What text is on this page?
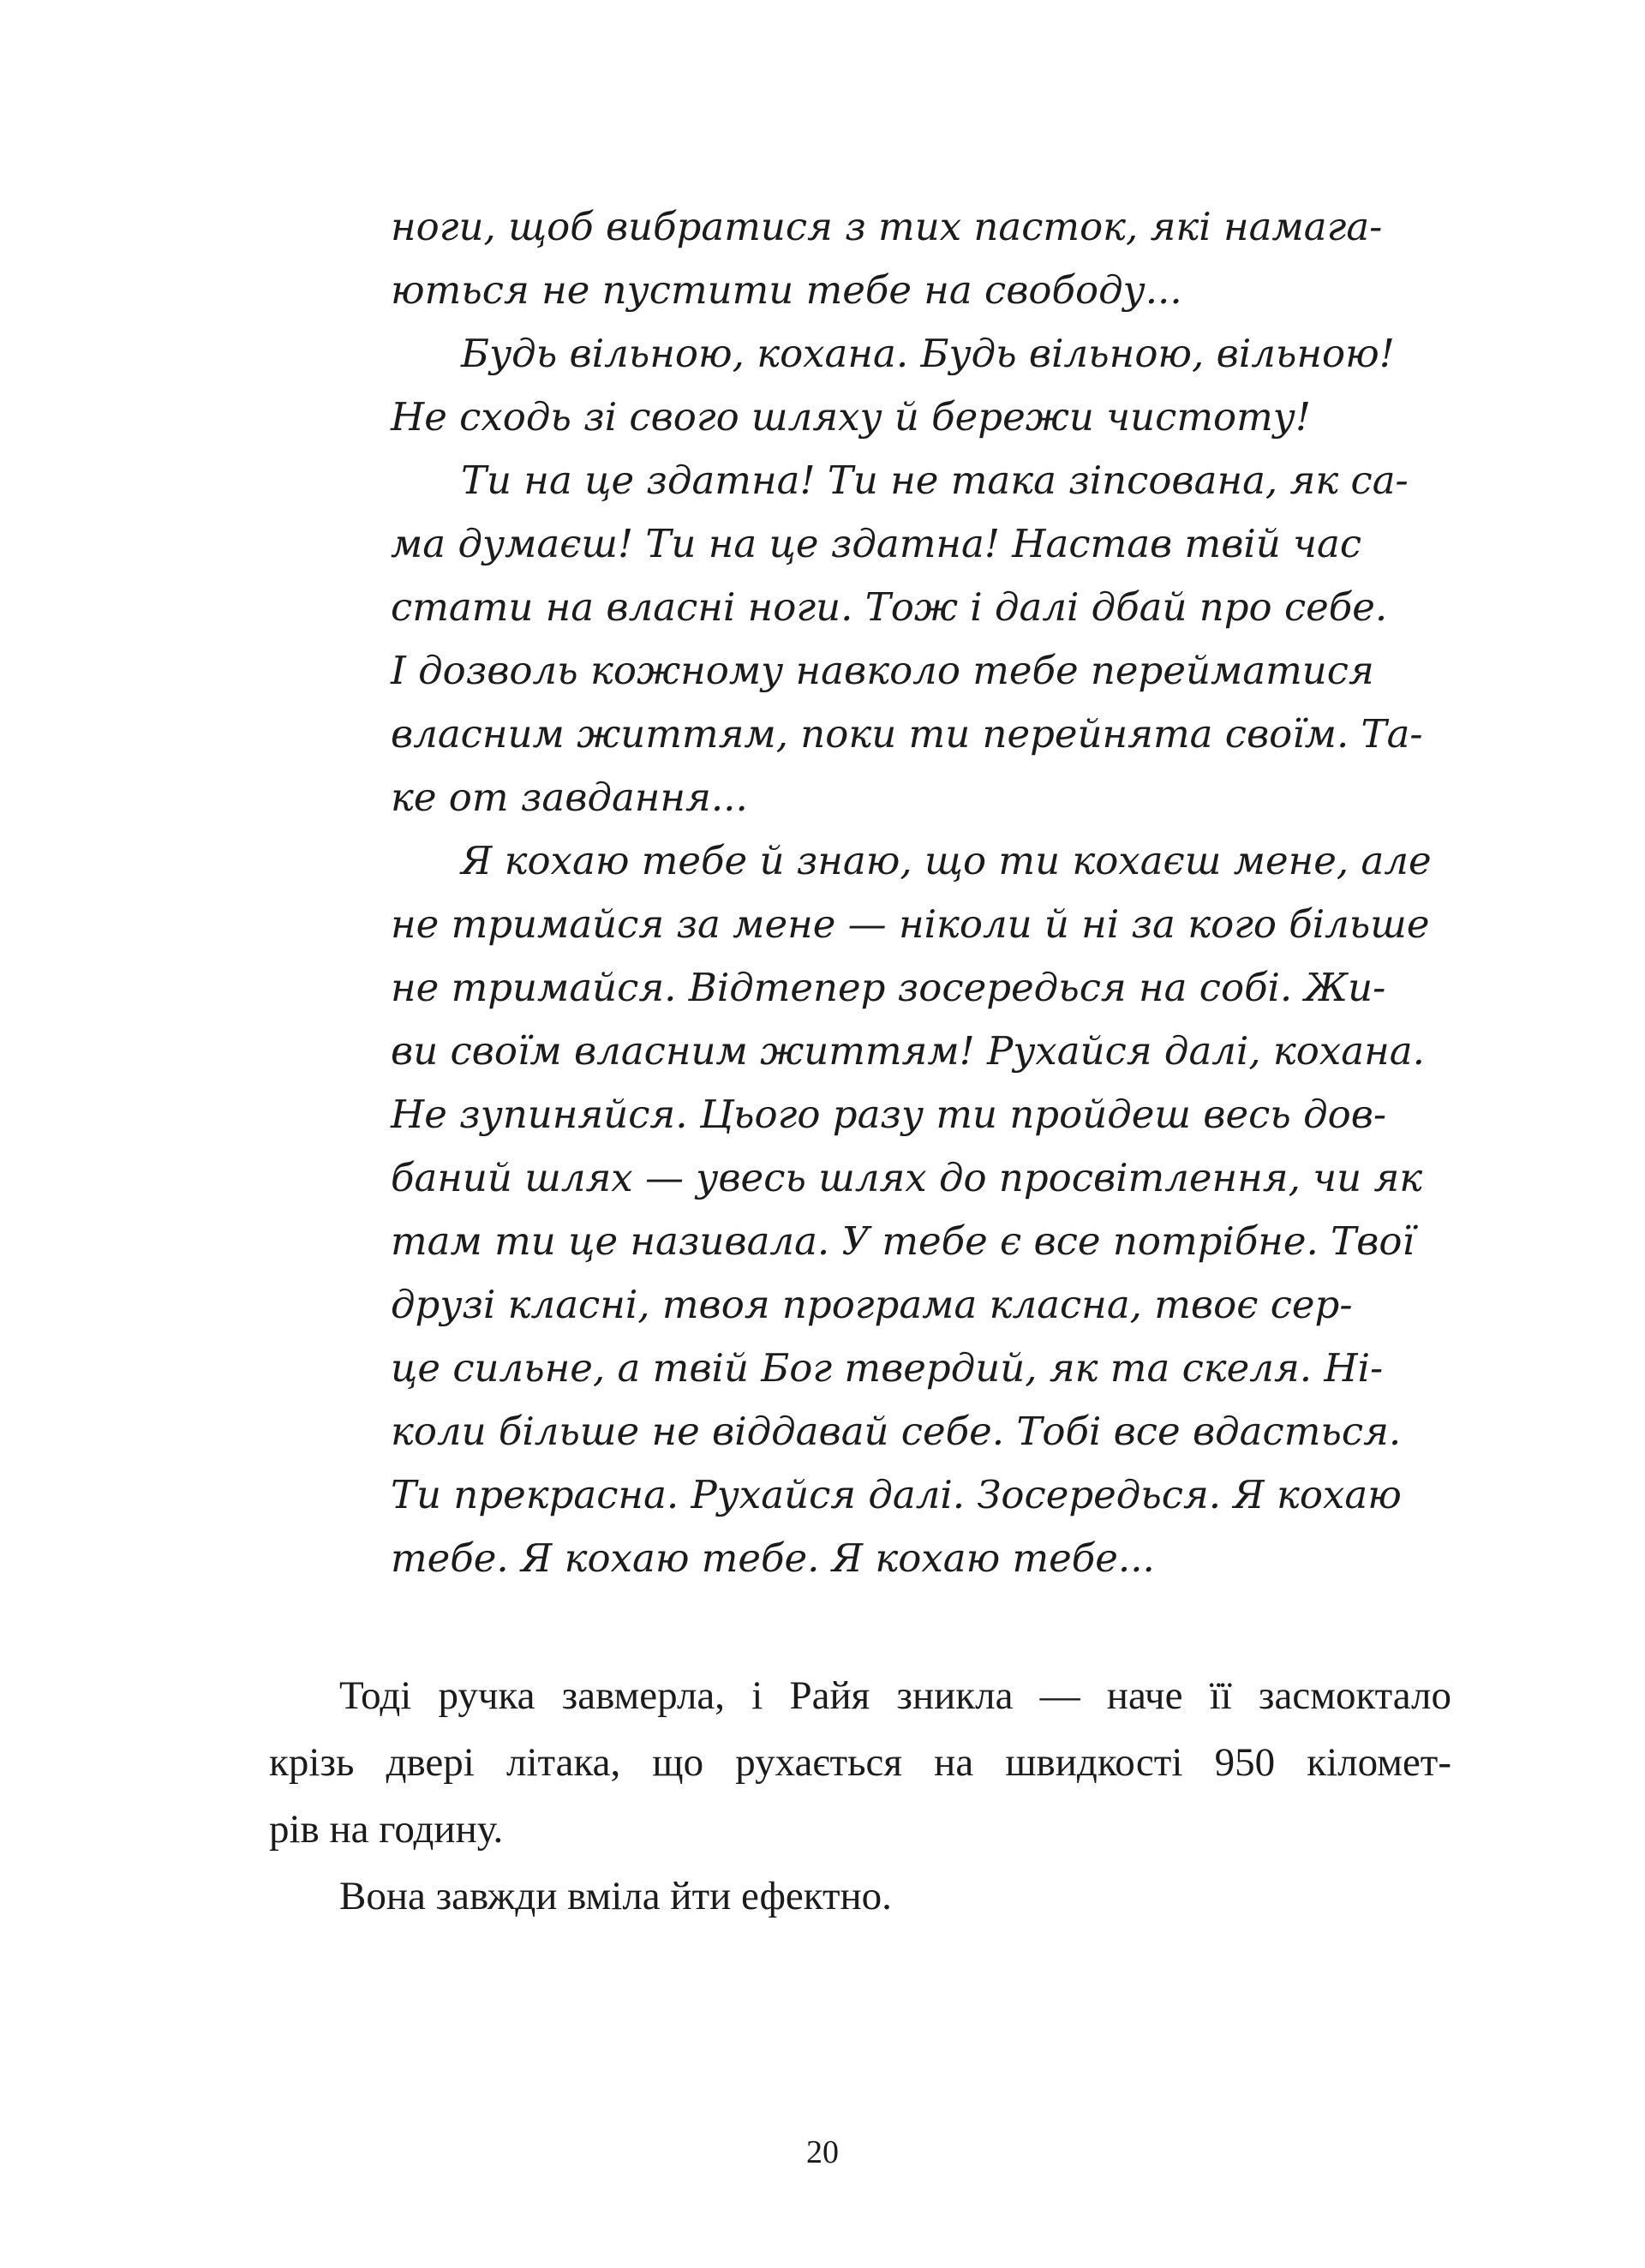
ноги, щоб вибратися з тих пасток, які намага-
ються не пустити тебе на свободу...
Будь вільною, кохана. Будь вільною, вільною!
Не сходь зі свого шляху й бережи чистоту!
Ти на це здатна! Ти не така зіпсована, як са-
ма думаєш! Ти на це здатна! Настав твій час
стати на власні ноги. Тож і далі дбай про себе.
І дозволь кожному навколо тебе перейматися
власним життям, поки ти перейнята своїм. Та-
ке от завдання...
Я кохаю тебе й знаю, що ти кохаєш мене, але
не тримайся за мене — ніколи й ні за кого більше
не тримайся. Відтепер зосередься на собі. Жи-
ви своїм власним життям! Рухайся далі, кохана.
Не зупиняйся. Цього разу ти пройдеш весь дов-
баний шлях — увесь шлях до просвітлення, чи як
там ти це називала. У тебе є все потрібне. Твої
друзі класні, твоя програма класна, твоє сер-
це сильне, а твій Бог твердий, як та скеля. Ні-
коли більше не віддавай себе. Тобі все вдасться.
Ти прекрасна. Рухайся далі. Зосередься. Я кохаю
тебе. Я кохаю тебе. Я кохаю тебе...
Тоді ручка завмерла, і Райя зникла — наче її засмоктало
крізь двері літака, що рухається на швидкості 950 кіломет-
рів на годину.
Вона завжди вміла йти ефектно.
20
